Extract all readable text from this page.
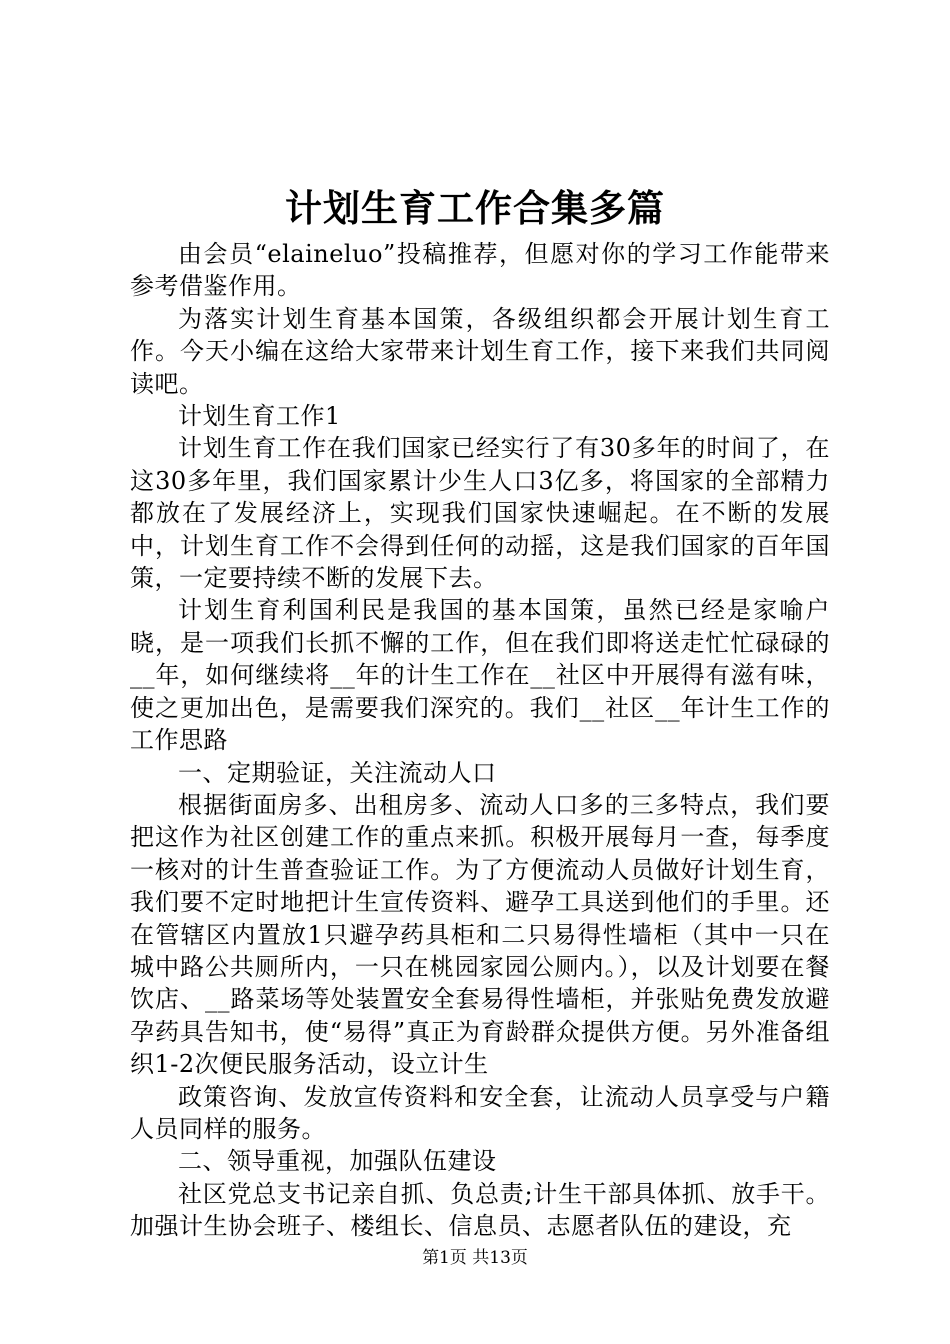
计划生育工作合集多篇

由会员“elaineluo”投稿推荐，但愿对你的学习工作能带来参考借鉴作用。

为落实计划生育基本国策，各级组织都会开展计划生育工作。今天小编在这给大家带来计划生育工作，接下来我们共同阅读吧。

计划生育工作1

计划生育工作在我们国家已经实行了有30多年的时间了，在这30多年里，我们国家累计少生人口3亿多，将国家的全部精力都放在了发展经济上，实现我们国家快速崛起。在不断的发展中，计划生育工作不会得到任何的动摇，这是我们国家的百年国策，一定要持续不断的发展下去。

计划生育利国利民是我国的基本国策，虽然已经是家喻户晓，是一项我们长抓不懈的工作，但在我们即将送走忙忙碌碌的__年，如何继续将__年的计生工作在__社区中开展得有滋有味，使之更加出色，是需要我们深究的。我们__社区__年计生工作的工作思路

一、定期验证，关注流动人口

根据街面房多、出租房多、流动人口多的三多特点，我们要把这作为社区创建工作的重点来抓。积极开展每月一查，每季度一核对的计生普查验证工作。为了方便流动人员做好计划生育，我们要不定时地把计生宣传资料、避孕工具送到他们的手里。还在管辖区内置放1只避孕药具柜和二只易得性墙柜（其中一只在城中路公共厕所内，一只在桃园家园公厕内。），以及计划要在餐饮店、__路菜场等处装置安全套易得性墙柜，并张贴免费发放避孕药具告知书，使“易得”真正为育龄群众提供方便。另外准备组织1-2次便民服务活动，设立计生

政策咨询、发放宣传资料和安全套，让流动人员享受与户籍人员同样的服务。

二、领导重视，加强队伍建设

社区党总支书记亲自抓、负总责;计生干部具体抓、放手干。加强计生协会班子、楼组长、信息员、志愿者队伍的建设，充

第1页 共13页
